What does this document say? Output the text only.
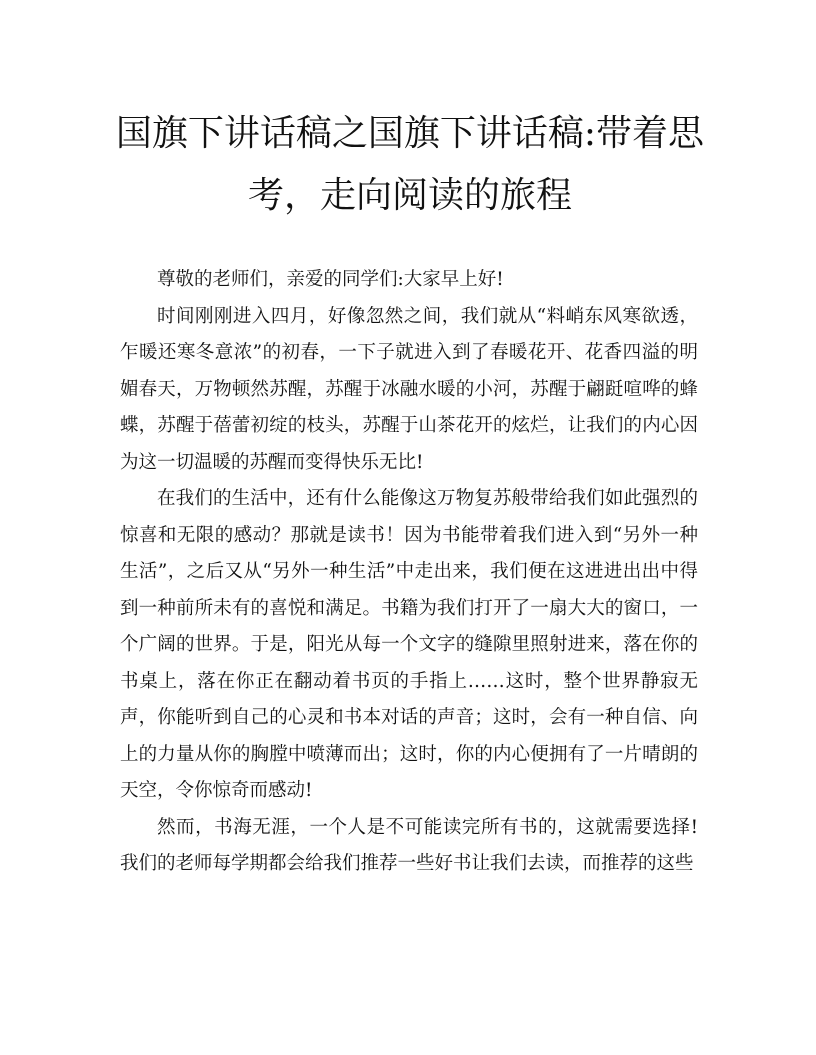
国旗下讲话稿之国旗下讲话稿:带着思考，走向阅读的旅程

尊敬的老师们，亲爱的同学们:大家早上好!

时间刚刚进入四月，好像忽然之间，我们就从“料峭东风寒欲透，乍暖还寒冬意浓”的初春，一下子就进入到了春暖花开、花香四溢的明媚春天，万物顿然苏醒，苏醒于冰融水暖的小河，苏醒于翩跹喧哗的蜂蝶，苏醒于蓓蕾初绽的枝头，苏醒于山茶花开的炫烂，让我们的内心因为这一切温暖的苏醒而变得快乐无比!

在我们的生活中，还有什么能像这万物复苏般带给我们如此强烈的惊喜和无限的感动？那就是读书！因为书能带着我们进入到“另外一种生活”，之后又从“另外一种生活”中走出来，我们便在这进进出出中得到一种前所未有的喜悦和满足。书籍为我们打开了一扇大大的窗口，一个广阔的世界。于是，阳光从每一个文字的缝隙里照射进来，落在你的书桌上，落在你正在翻动着书页的手指上……这时，整个世界静寂无声，你能听到自己的心灵和书本对话的声音；这时，会有一种自信、向上的力量从你的胸膛中喷薄而出；这时，你的内心便拥有了一片晴朗的天空，令你惊奇而感动!

然而，书海无涯，一个人是不可能读完所有书的，这就需要选择!我们的老师每学期都会给我们推荐一些好书让我们去读，而推荐的这些
